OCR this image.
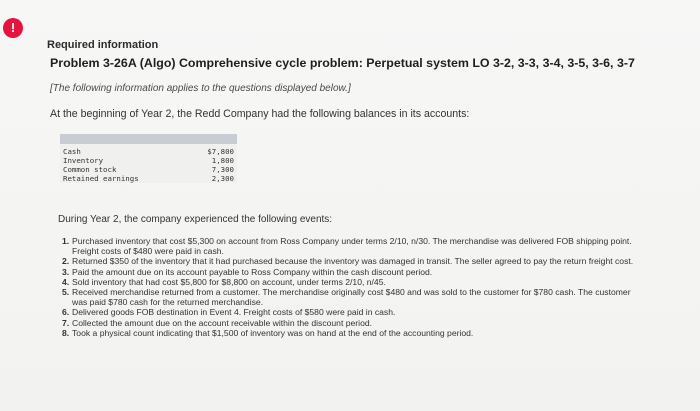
!
Required information
Problem 3-26A (Algo) Comprehensive cycle problem: Perpetual system LO 3-2, 3-3, 3-4, 3-5, 3-6, 3-7
[The following information applies to the questions displayed below.]
At the beginning of Year 2, the Redd Company had the following balances in its accounts:
Cash	$7,800
Inventory	1,800
Common stock	7,300
Retained earnings	2,300
During Year 2, the company experienced the following events:
1. Purchased inventory that cost $5,300 on account from Ross Company under terms 2/10, n/30. The merchandise was delivered FOB shipping point. Freight costs of $480 were paid in cash.
2. Returned $350 of the inventory that it had purchased because the inventory was damaged in transit. The seller agreed to pay the return freight cost.
3. Paid the amount due on its account payable to Ross Company within the cash discount period.
4. Sold inventory that had cost $5,800 for $8,800 on account, under terms 2/10, n/45.
5. Received merchandise returned from a customer. The merchandise originally cost $480 and was sold to the customer for $780 cash. The customer was paid $780 cash for the returned merchandise.
6. Delivered goods FOB destination in Event 4. Freight costs of $580 were paid in cash.
7. Collected the amount due on the account receivable within the discount period.
8. Took a physical count indicating that $1,500 of inventory was on hand at the end of the accounting period.
